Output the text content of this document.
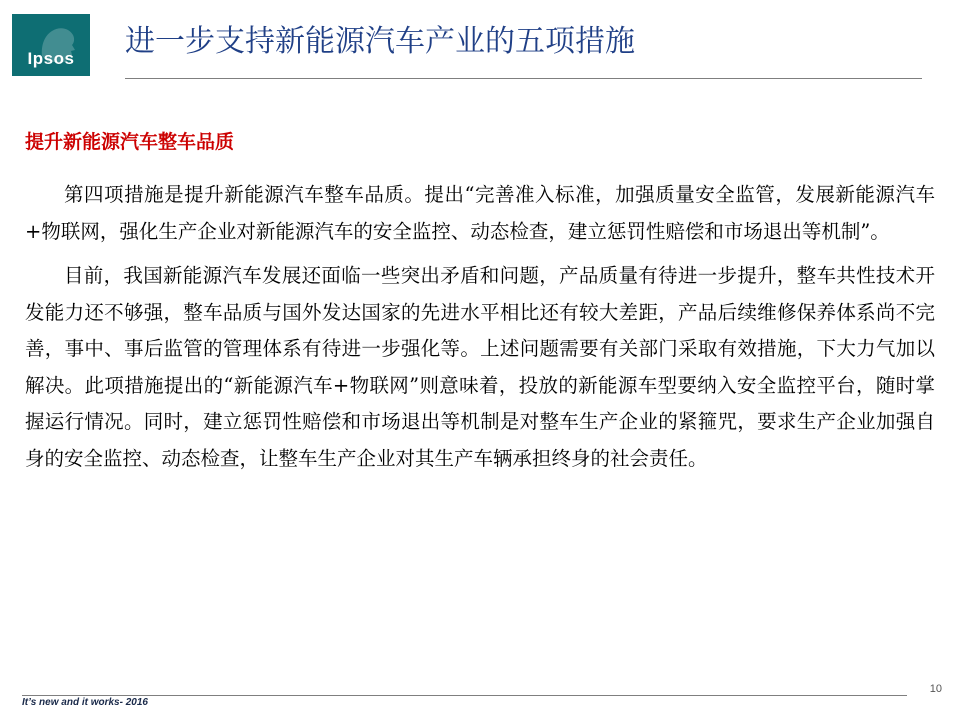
Ipsos	进一步支持新能源汽车产业的五项措施
提升新能源汽车整车品质

第四项措施是提升新能源汽车整车品质。提出“完善准入标准，加强质量安全监管，发展新能源汽车+物联网，强化生产企业对新能源汽车的安全监控、动态检查，建立惩罚性赔偿和市场退出等机制”。

目前，我国新能源汽车发展还面临一些突出矛盾和问题，产品质量有待进一步提升，整车共性技术开发能力还不够强，整车品质与国外发达国家的先进水平相比还有较大差距，产品后续维修保养体系尚不完善，事中、事后监管的管理体系有待进一步强化等。上述问题需要有关部门采取有效措施，下大力气加以解决。此项措施提出的“新能源汽车+物联网”则意味着，投放的新能源车型要纳入安全监控平台，随时掌握运行情况。同时，建立惩罚性赔偿和市场退出等机制是对整车生产企业的紧箍咒，要求生产企业加强自身的安全监控、动态检查，让整车生产企业对其生产车辆承担终身的社会责任。

10
It’s new and it works- 2016
